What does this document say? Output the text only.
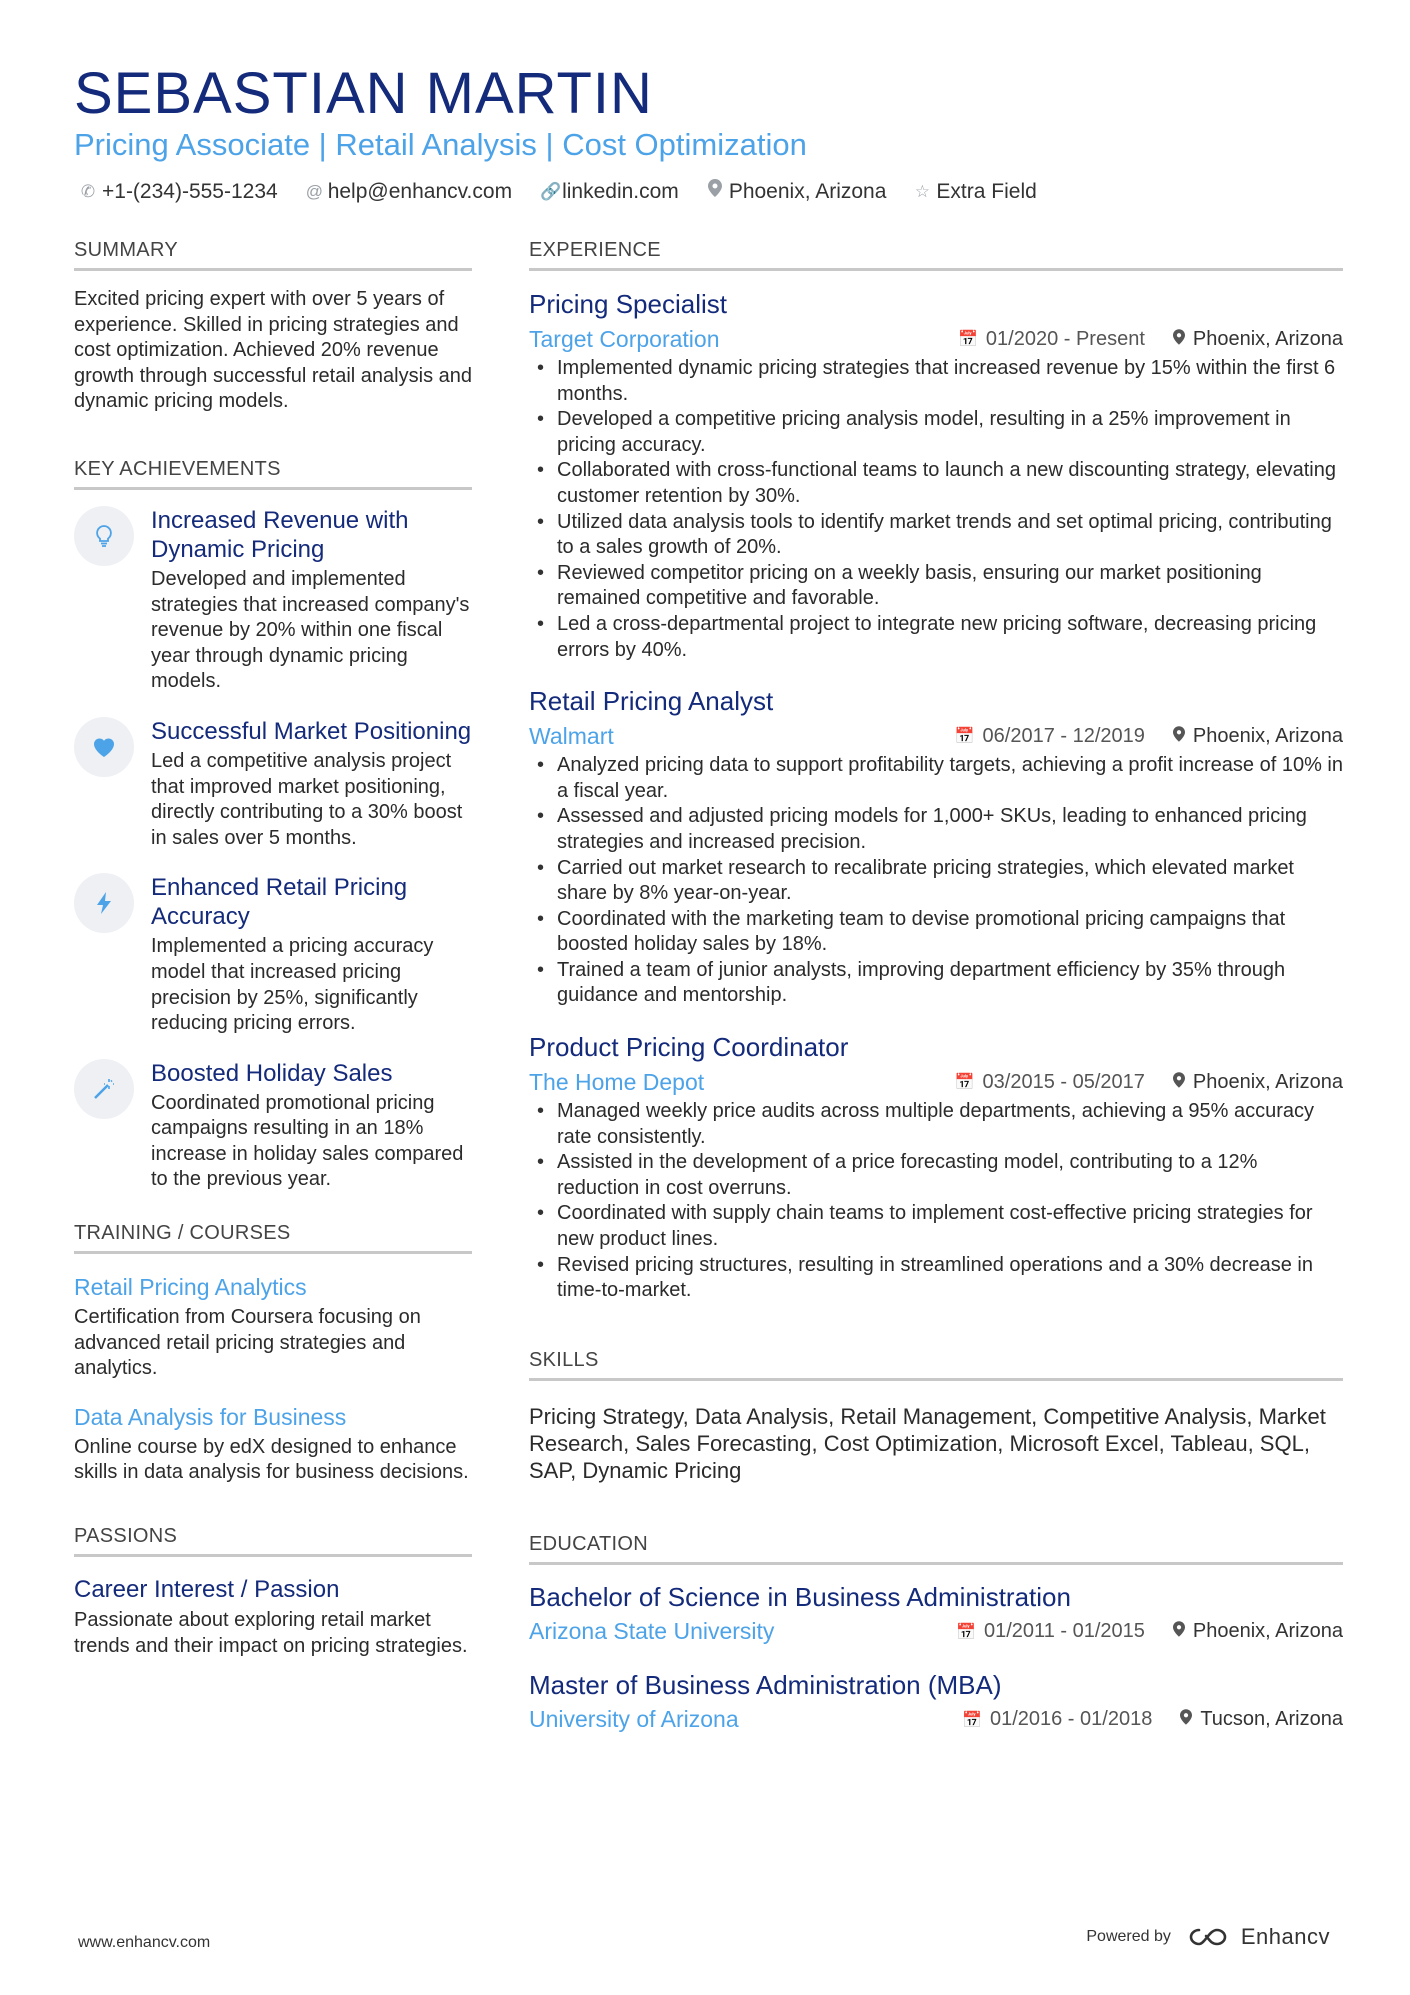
SEBASTIAN MARTIN
Pricing Associate | Retail Analysis | Cost Optimization
✆ +1-(234)-555-1234 @ help@enhancv.com 🔗 linkedin.com Phoenix, Arizona ☆ Extra Field
SUMMARY
Excited pricing expert with over 5 years of experience. Skilled in pricing strategies and cost optimization. Achieved 20% revenue growth through successful retail analysis and dynamic pricing models.
KEY ACHIEVEMENTS
Increased Revenue with Dynamic Pricing
Developed and implemented strategies that increased company's revenue by 20% within one fiscal year through dynamic pricing models.
Successful Market Positioning
Led a competitive analysis project that improved market positioning, directly contributing to a 30% boost in sales over 5 months.
Enhanced Retail Pricing Accuracy
Implemented a pricing accuracy model that increased pricing precision by 25%, significantly reducing pricing errors.
Boosted Holiday Sales
Coordinated promotional pricing campaigns resulting in an 18% increase in holiday sales compared to the previous year.
TRAINING / COURSES
Retail Pricing Analytics
Certification from Coursera focusing on advanced retail pricing strategies and analytics.
Data Analysis for Business
Online course by edX designed to enhance skills in data analysis for business decisions.
PASSIONS
Career Interest / Passion
Passionate about exploring retail market trends and their impact on pricing strategies.
EXPERIENCE
Pricing Specialist
Target Corporation	📅 01/2020 - Present Phoenix, Arizona
• Implemented dynamic pricing strategies that increased revenue by 15% within the first 6 months.
• Developed a competitive pricing analysis model, resulting in a 25% improvement in pricing accuracy.
• Collaborated with cross-functional teams to launch a new discounting strategy, elevating customer retention by 30%.
• Utilized data analysis tools to identify market trends and set optimal pricing, contributing to a sales growth of 20%.
• Reviewed competitor pricing on a weekly basis, ensuring our market positioning remained competitive and favorable.
• Led a cross-departmental project to integrate new pricing software, decreasing pricing errors by 40%.
Retail Pricing Analyst
Walmart	📅 06/2017 - 12/2019 Phoenix, Arizona
• Analyzed pricing data to support profitability targets, achieving a profit increase of 10% in a fiscal year.
• Assessed and adjusted pricing models for 1,000+ SKUs, leading to enhanced pricing strategies and increased precision.
• Carried out market research to recalibrate pricing strategies, which elevated market share by 8% year-on-year.
• Coordinated with the marketing team to devise promotional pricing campaigns that boosted holiday sales by 18%.
• Trained a team of junior analysts, improving department efficiency by 35% through guidance and mentorship.
Product Pricing Coordinator
The Home Depot	📅 03/2015 - 05/2017 Phoenix, Arizona
• Managed weekly price audits across multiple departments, achieving a 95% accuracy rate consistently.
• Assisted in the development of a price forecasting model, contributing to a 12% reduction in cost overruns.
• Coordinated with supply chain teams to implement cost-effective pricing strategies for new product lines.
• Revised pricing structures, resulting in streamlined operations and a 30% decrease in time-to-market.
SKILLS
Pricing Strategy, Data Analysis, Retail Management, Competitive Analysis, Market Research, Sales Forecasting, Cost Optimization, Microsoft Excel, Tableau, SQL, SAP, Dynamic Pricing
EDUCATION
Bachelor of Science in Business Administration
Arizona State University	📅 01/2011 - 01/2015 Phoenix, Arizona
Master of Business Administration (MBA)
University of Arizona	📅 01/2016 - 01/2018 Tucson, Arizona
www.enhancv.com	Powered by	Enhancv
